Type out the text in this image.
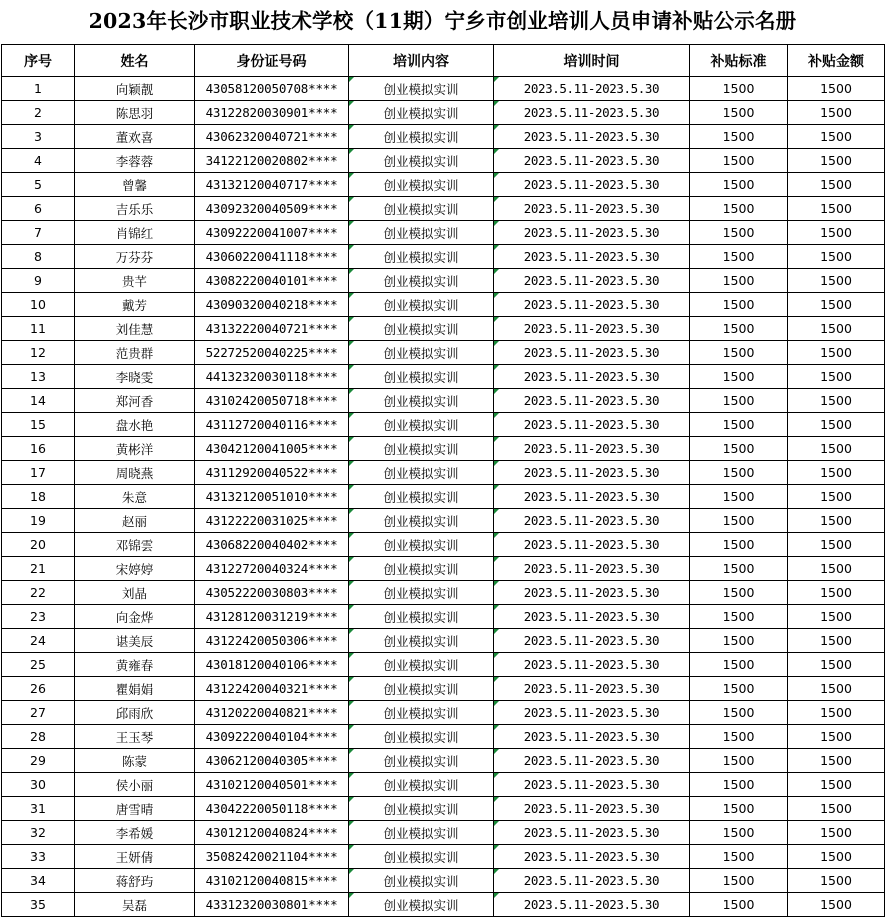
2023年长沙市职业技术学校（11期）宁乡市创业培训人员申请补贴公示名册
序号	姓名	身份证号码	培训内容	培训时间	补贴标准	补贴金额
1	向颖靓	43058120050708****	创业模拟实训	2023.5.11-2023.5.30	1500	1500
2	陈思羽	43122820030901****	创业模拟实训	2023.5.11-2023.5.30	1500	1500
3	董欢喜	43062320040721****	创业模拟实训	2023.5.11-2023.5.30	1500	1500
4	李蓉蓉	34122120020802****	创业模拟实训	2023.5.11-2023.5.30	1500	1500
5	曾馨	43132120040717****	创业模拟实训	2023.5.11-2023.5.30	1500	1500
6	吉乐乐	43092320040509****	创业模拟实训	2023.5.11-2023.5.30	1500	1500
7	肖锦红	43092220041007****	创业模拟实训	2023.5.11-2023.5.30	1500	1500
8	万芬芬	43060220041118****	创业模拟实训	2023.5.11-2023.5.30	1500	1500
9	贵芊	43082220040101****	创业模拟实训	2023.5.11-2023.5.30	1500	1500
10	戴芳	43090320040218****	创业模拟实训	2023.5.11-2023.5.30	1500	1500
11	刘佳慧	43132220040721****	创业模拟实训	2023.5.11-2023.5.30	1500	1500
12	范贵群	52272520040225****	创业模拟实训	2023.5.11-2023.5.30	1500	1500
13	李晓雯	44132320030118****	创业模拟实训	2023.5.11-2023.5.30	1500	1500
14	郑河香	43102420050718****	创业模拟实训	2023.5.11-2023.5.30	1500	1500
15	盘水艳	43112720040116****	创业模拟实训	2023.5.11-2023.5.30	1500	1500
16	黄彬洋	43042120041005****	创业模拟实训	2023.5.11-2023.5.30	1500	1500
17	周晓燕	43112920040522****	创业模拟实训	2023.5.11-2023.5.30	1500	1500
18	朱意	43132120051010****	创业模拟实训	2023.5.11-2023.5.30	1500	1500
19	赵丽	43122220031025****	创业模拟实训	2023.5.11-2023.5.30	1500	1500
20	邓锦雲	43068220040402****	创业模拟实训	2023.5.11-2023.5.30	1500	1500
21	宋婷婷	43122720040324****	创业模拟实训	2023.5.11-2023.5.30	1500	1500
22	刘晶	43052220030803****	创业模拟实训	2023.5.11-2023.5.30	1500	1500
23	向金烨	43128120031219****	创业模拟实训	2023.5.11-2023.5.30	1500	1500
24	谌美辰	43122420050306****	创业模拟实训	2023.5.11-2023.5.30	1500	1500
25	黄雍春	43018120040106****	创业模拟实训	2023.5.11-2023.5.30	1500	1500
26	瞿娟娟	43122420040321****	创业模拟实训	2023.5.11-2023.5.30	1500	1500
27	邱雨欣	43120220040821****	创业模拟实训	2023.5.11-2023.5.30	1500	1500
28	王玉琴	43092220040104****	创业模拟实训	2023.5.11-2023.5.30	1500	1500
29	陈蒙	43062120040305****	创业模拟实训	2023.5.11-2023.5.30	1500	1500
30	侯小丽	43102120040501****	创业模拟实训	2023.5.11-2023.5.30	1500	1500
31	唐雪晴	43042220050118****	创业模拟实训	2023.5.11-2023.5.30	1500	1500
32	李希媛	43012120040824****	创业模拟实训	2023.5.11-2023.5.30	1500	1500
33	王妍倩	35082420021104****	创业模拟实训	2023.5.11-2023.5.30	1500	1500
34	蒋舒玙	43102120040815****	创业模拟实训	2023.5.11-2023.5.30	1500	1500
35	吴磊	43312320030801****	创业模拟实训	2023.5.11-2023.5.30	1500	1500
